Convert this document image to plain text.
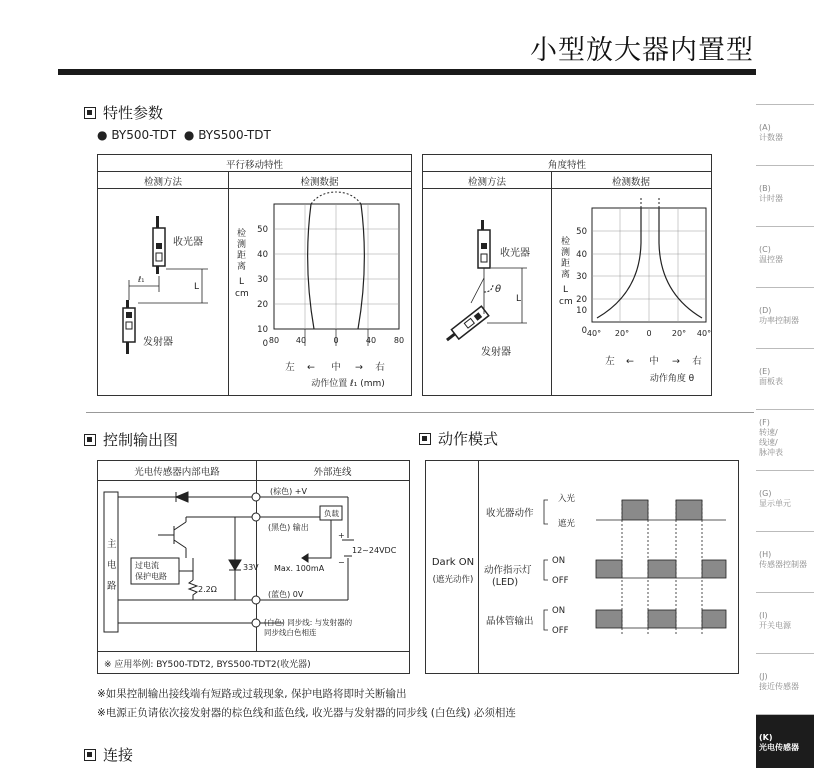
小型放大器内置型
特性参数
● BY500-TDT ● BYS500-TDT
平行移动特性
检测方法	检测数据
收光器
发射器
ℓ₁
L
检
测
距
离
L
cm
50
40
30
20
10
0 80 40	0	40 80
左 ← 中 → 右
动作位置 ℓ₁ (mm)
角度特性
检测方法	检测数据
收光器
发射器
θ
L
检
测
距
离
L
cm
50
40
30
20
10
0 40° 20° 0	20° 40°
左 ← 中 → 右
动作角度 θ
控制输出图	动作模式
光电传感器内部电路	外部连线
※ 应用举例: BY500-TDT2, BYS500-TDT2(收光器)
主
电
路
过电流
保护电路
2.2Ω
33V
(棕色) +V
(黑色) 输出
负载
Max. 100mA
12~24VDC
+
−
(蓝色) 0V
(白色) 同步线: 与发射器的
同步线白色相连
Dark ON
(遮光动作)
收光器动作
动作指示灯
(LED)
晶体管输出
入光
遮光
ON
OFF
ON
OFF
※如果控制输出接线端有短路或过载现象, 保护电路将即时关断输出
※电源正负请依次接发射器的棕色线和蓝色线, 收光器与发射器的同步线 (白色线) 必须相连
连接
(A)
计数器
(B)
计时器
(C)
温控器
(D)
功率控制器
(E)
面板表
(F)
转速/
线速/
脉冲表
(G)
显示单元
(H)
传感器控制器
(I)
开关电源
(J)
接近传感器
(K)
光电传感器
